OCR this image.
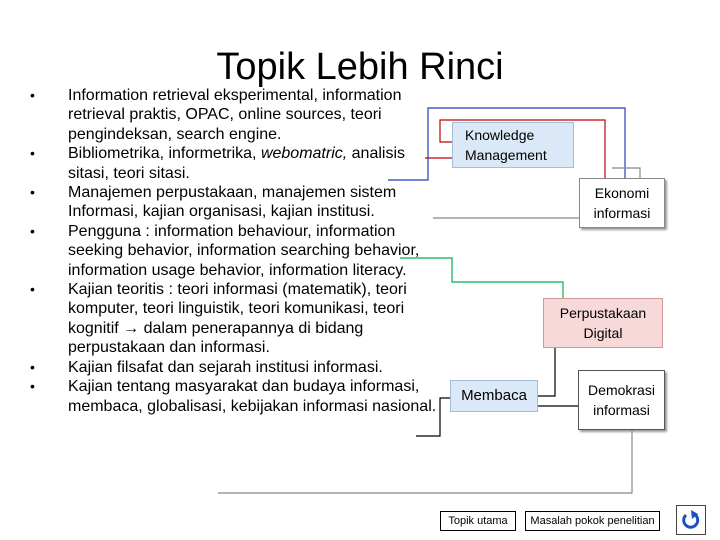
Topik Lebih Rinci
• Information retrieval eksperimental, information retrieval praktis, OPAC, online sources, teori pengindeksan, search engine.
• Bibliometrika, informetrika, webomatric, analisis sitasi, teori sitasi.
• Manajemen perpustakaan, manajemen sistem Informasi, kajian organisasi, kajian institusi.
• Pengguna : information behaviour, information seeking behavior, information searching behavior, information usage behavior, information literacy.
• Kajian teoritis : teori informasi (matematik), teori komputer, teori linguistik, teori komunikasi, teori kognitif → dalam penerapannya di bidang perpustakaan dan informasi.
• Kajian filsafat dan sejarah institusi informasi.
• Kajian tentang masyarakat dan budaya informasi, membaca, globalisasi, kebijakan informasi nasional.
Knowledge Management
Ekonomi informasi
Perpustakaan Digital
Membaca	Demokrasi informasi
Topik utama	Masalah pokok penelitian
